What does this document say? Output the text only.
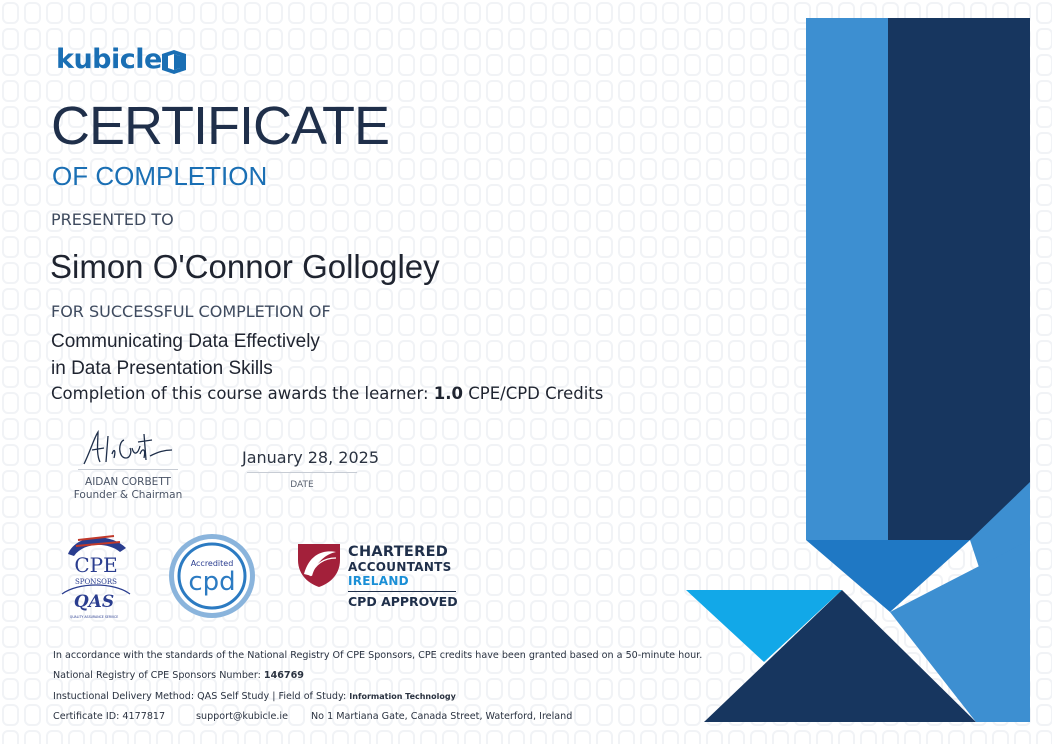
kubicle
CERTIFICATE
OF COMPLETION
PRESENTED TO
Simon O'Connor Gollogley
FOR SUCCESSFUL COMPLETION OF
Communicating Data Effectively
in Data Presentation Skills
Completion of this course awards the learner: 1.0 CPE/CPD Credits
AIDAN CORBETT
Founder & Chairman
January 28, 2025
DATE
CPE
SPONSORS
QAS
QUALITY ASSURANCE SERVICE
Accredited
cpd
CHARTERED
ACCOUNTANTS
IRELAND
CPD APPROVED
In accordance with the standards of the National Registry Of CPE Sponsors, CPE credits have been granted based on a 50-minute hour.
National Registry of CPE Sponsors Number: 146769
Instuctional Delivery Method: QAS Self Study | Field of Study: Information Technology
Certificate ID: 4177817	support@kubicle.ie No 1 Martiana Gate, Canada Street, Waterford, Ireland
